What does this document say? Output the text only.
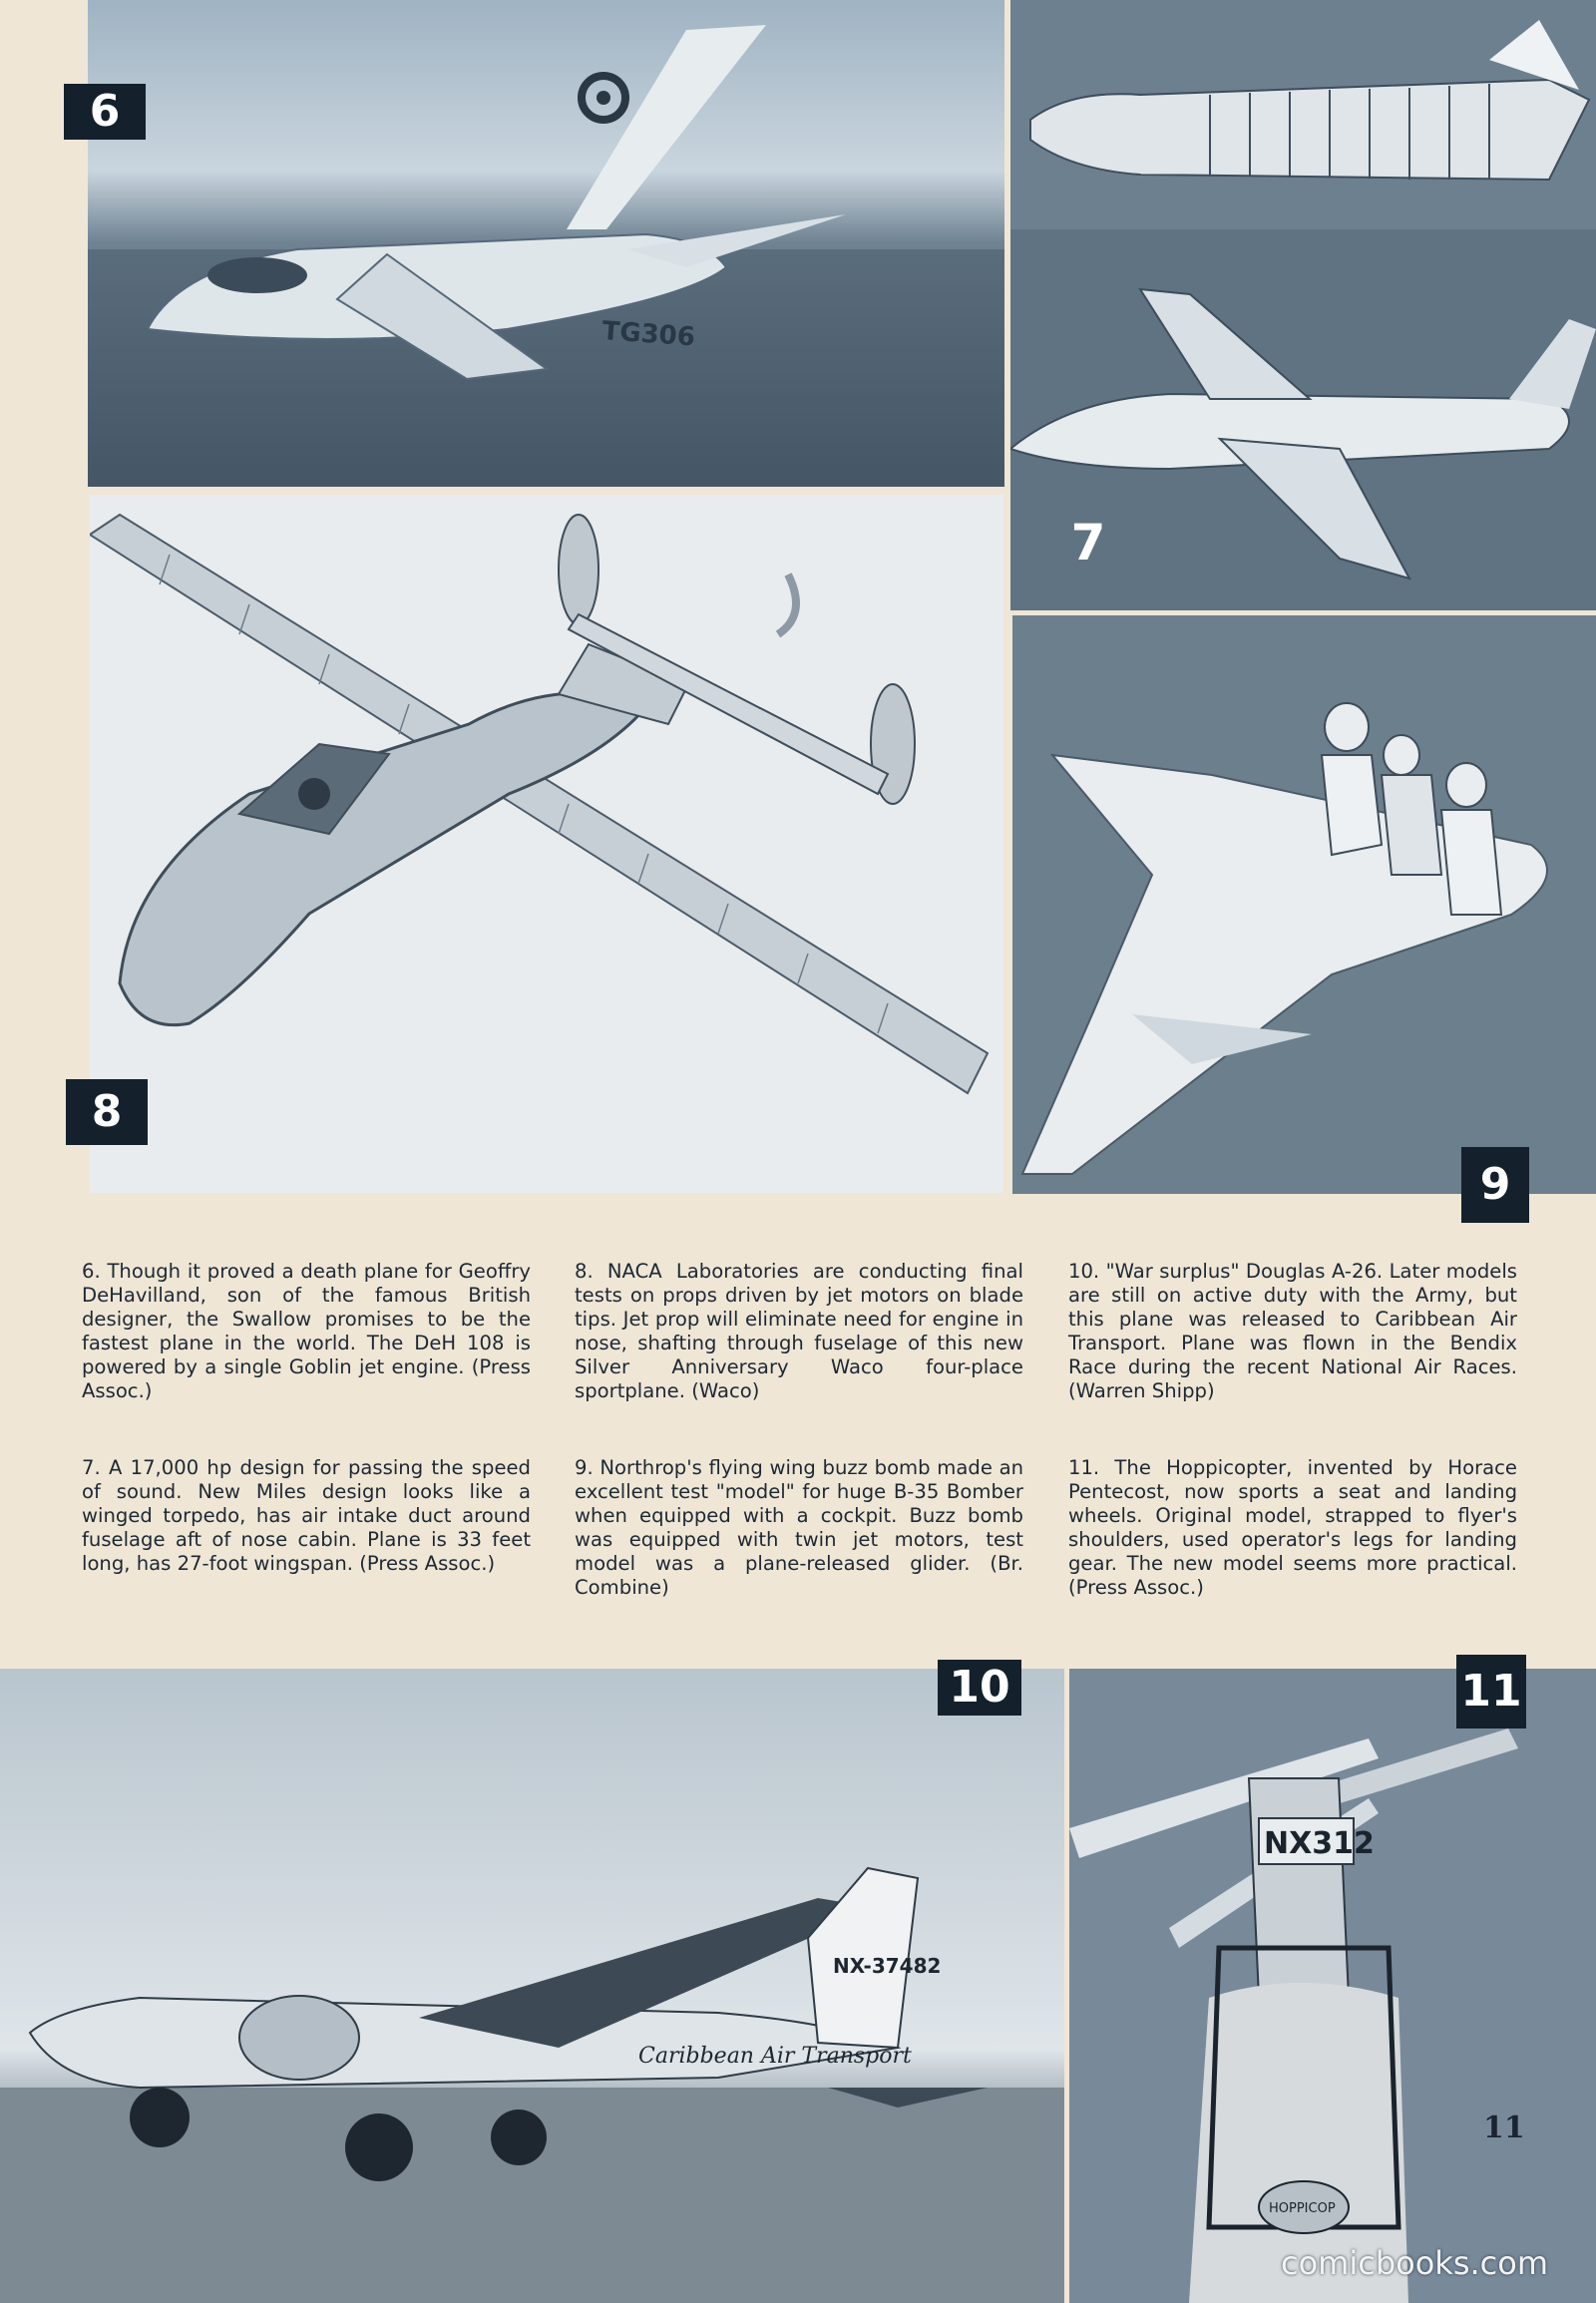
TG306
6
7
8
9
6. Though it proved a death plane for Geoffry DeHavilland, son of the famous British designer, the Swallow promises to be the fastest plane in the world. The DeH 108 is powered by a single Goblin jet engine. (Press Assoc.)
7. A 17,000 hp design for passing the speed of sound. New Miles design looks like a winged torpedo, has air intake duct around fuselage aft of nose cabin. Plane is 33 feet long, has 27-foot wingspan. (Press Assoc.)
8. NACA Laboratories are conducting final tests on props driven by jet motors on blade tips. Jet prop will eliminate need for engine in nose, shafting through fuselage of this new Silver Anniversary Waco four-place sportplane. (Waco)
9. Northrop's flying wing buzz bomb made an excellent test "model" for huge B-35 Bomber when equipped with a cockpit. Buzz bomb was equipped with twin jet motors, test model was a plane-released glider. (Br. Combine)
10. "War surplus" Douglas A-26. Later models are still on active duty with the Army, but this plane was released to Caribbean Air Transport. Plane was flown in the Bendix Race during the recent National Air Races. (Warren Shipp)
11. The Hoppicopter, invented by Horace Pentecost, now sports a seat and landing wheels. Original model, strapped to flyer's shoulders, used operator's legs for landing gear. The new model seems more practical. (Press Assoc.)
NX-37482
Caribbean Air Transport
10
NX312
HOPPICOP
11
11
comicbooks.com
